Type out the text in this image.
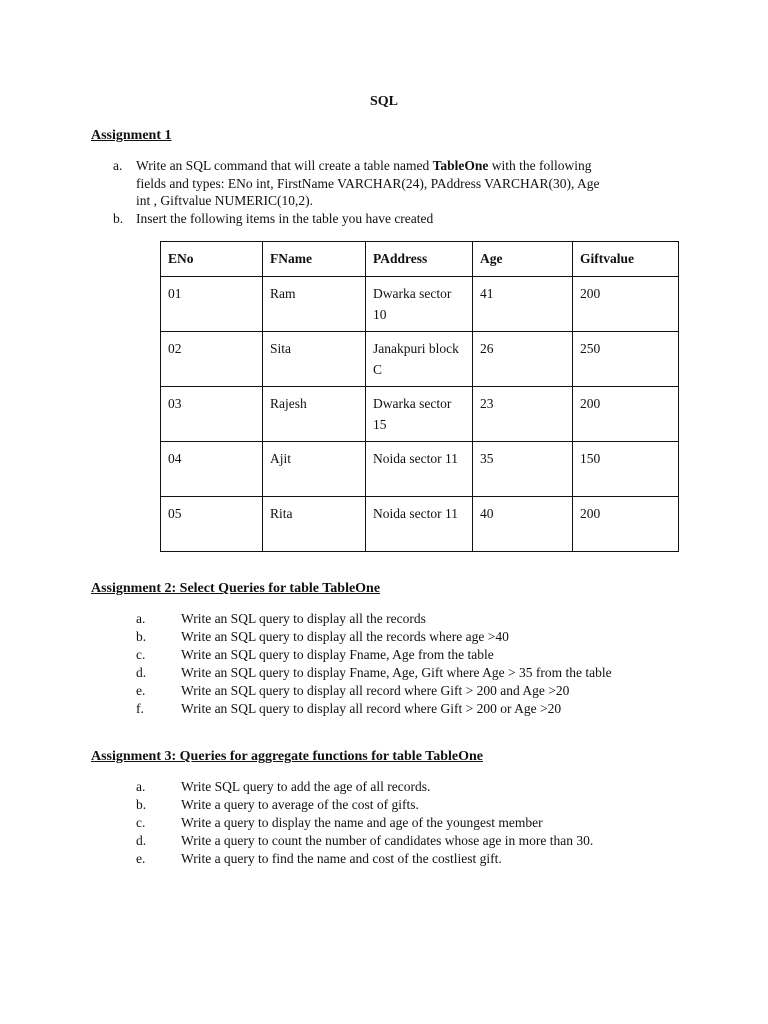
SQL
Assignment 1
a. Write an SQL command that will create a table named TableOne with the following
fields and types: ENo int, FirstName VARCHAR(24), PAddress VARCHAR(30), Age
int , Giftvalue NUMERIC(10,2).
b. Insert the following items in the table you have created
ENo	FName	PAddress	Age	Giftvalue
01	Ram	Dwarka sector 10	41	200
02	Sita	Janakpuri block C	26	250
03	Rajesh	Dwarka sector 15	23	200
04	Ajit	Noida sector 11	35	150
05	Rita	Noida sector 11	40	200
Assignment 2: Select Queries for table TableOne
a.	Write an SQL query to display all the records
b.	Write an SQL query to display all the records where age >40
c.	Write an SQL query to display Fname, Age from the table
d.	Write an SQL query to display Fname, Age, Gift where Age > 35 from the table
e.	Write an SQL query to display all record where Gift > 200 and Age >20
f.	Write an SQL query to display all record where Gift > 200 or Age >20
Assignment 3: Queries for aggregate functions for table TableOne
a.	Write SQL query to add the age of all records.
b.	Write a query to average of the cost of gifts.
c.	Write a query to display the name and age of the youngest member
d.	Write a query to count the number of candidates whose age in more than 30.
e.	Write a query to find the name and cost of the costliest gift.
